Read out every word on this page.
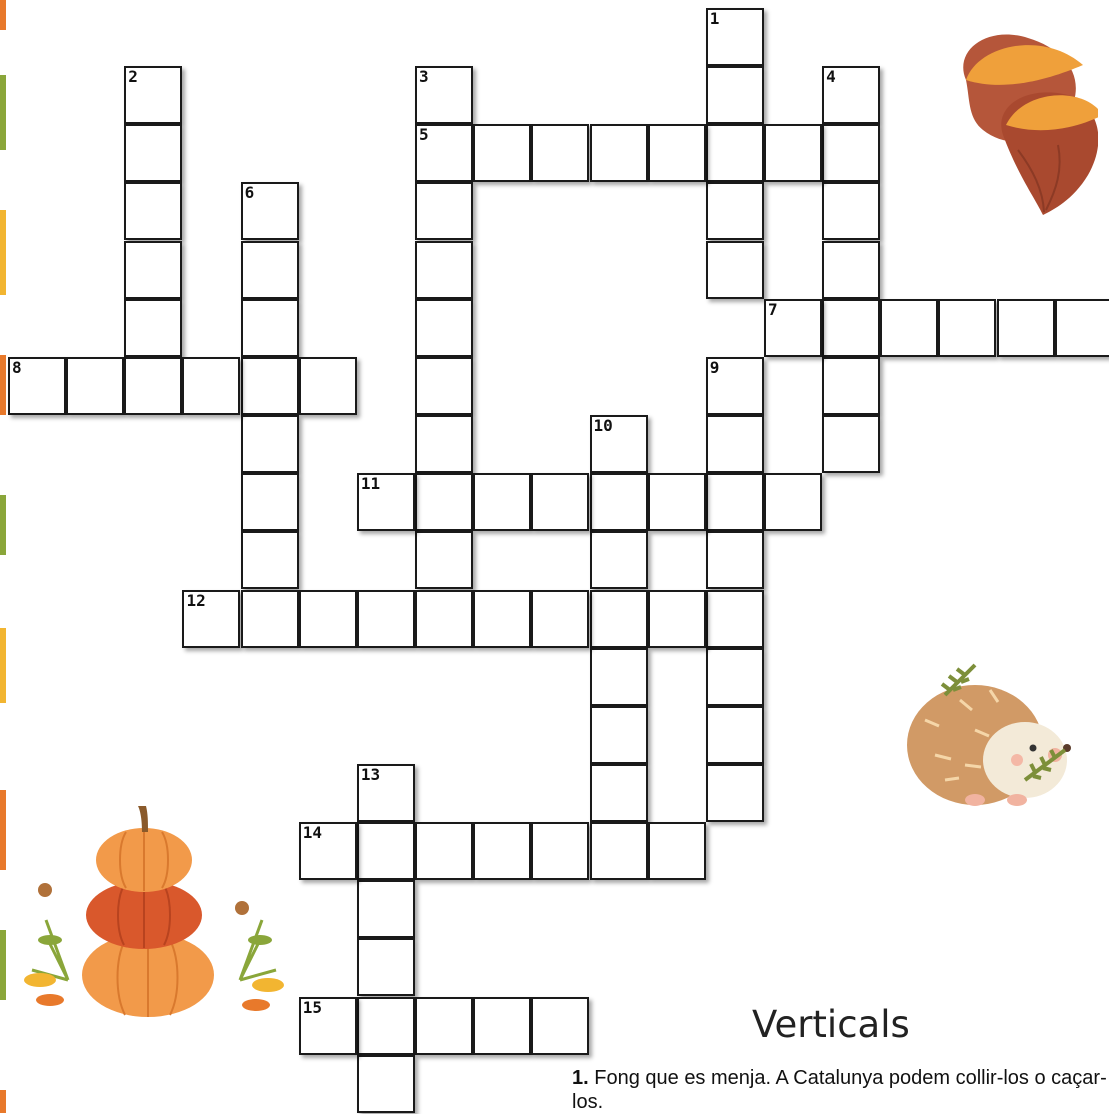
1
2	3
5
4
6
7
8	9
10
11
12
13
14
15	Verticals
1. Fong que es menja. A Catalunya podem collir-los o caçar-los.
